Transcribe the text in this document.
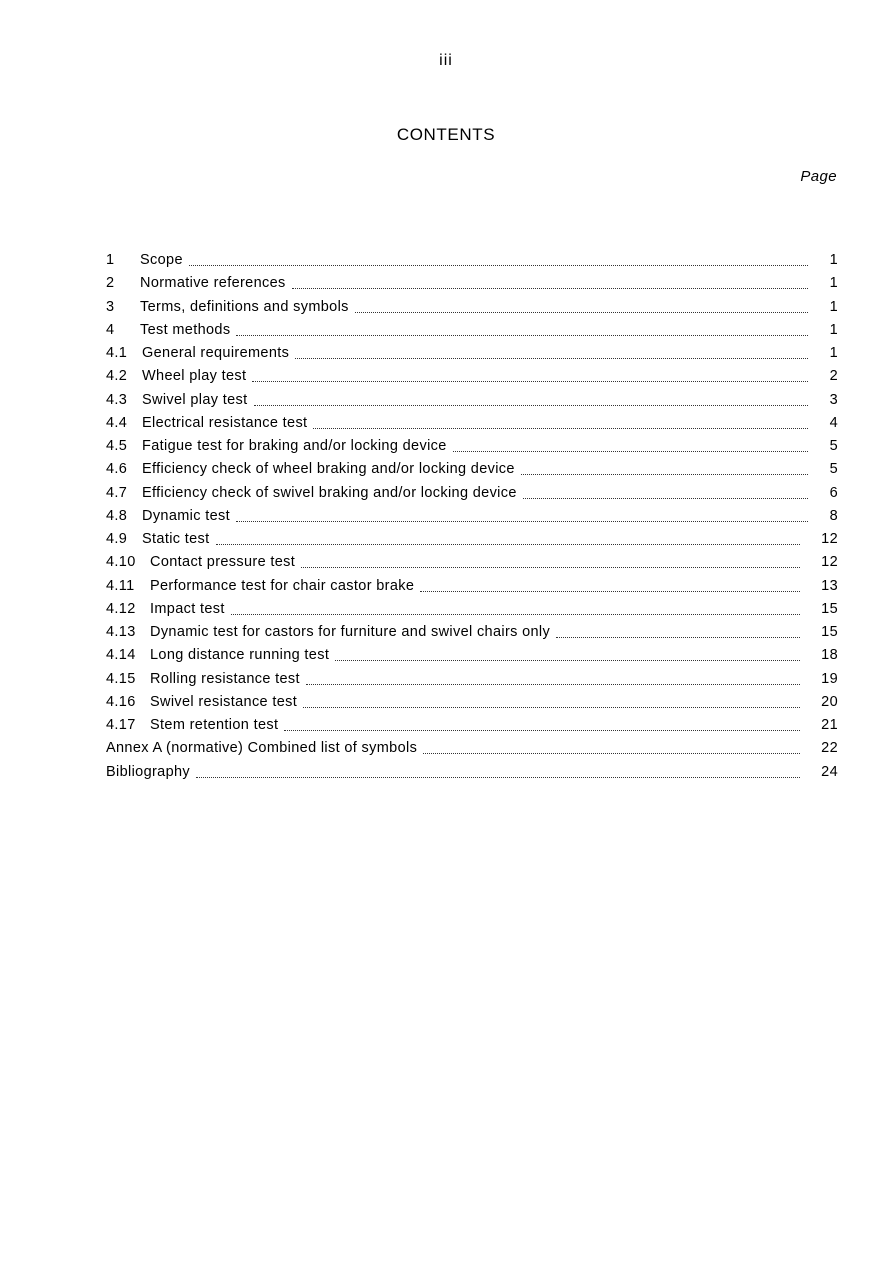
iii
CONTENTS
Page
1	Scope	1
2	Normative references	1
3	Terms, definitions and symbols	1
4	Test methods	1
4.1	General requirements	1
4.2	Wheel play test	2
4.3	Swivel play test	3
4.4	Electrical resistance test	4
4.5	Fatigue test for braking and/or locking device	5
4.6	Efficiency check of wheel braking and/or locking device	5
4.7	Efficiency check of swivel braking and/or locking device	6
4.8	Dynamic test	8
4.9	Static test	12
4.10 Contact pressure test	12
4.11	Performance test for chair castor brake	13
4.12 Impact test	15
4.13 Dynamic test for castors for furniture and swivel chairs only	15
4.14 Long distance running test	18
4.15 Rolling resistance test	19
4.16 Swivel resistance test	20
4.17 Stem retention test	21
Annex A (normative) Combined list of symbols	22
Bibliography	24
